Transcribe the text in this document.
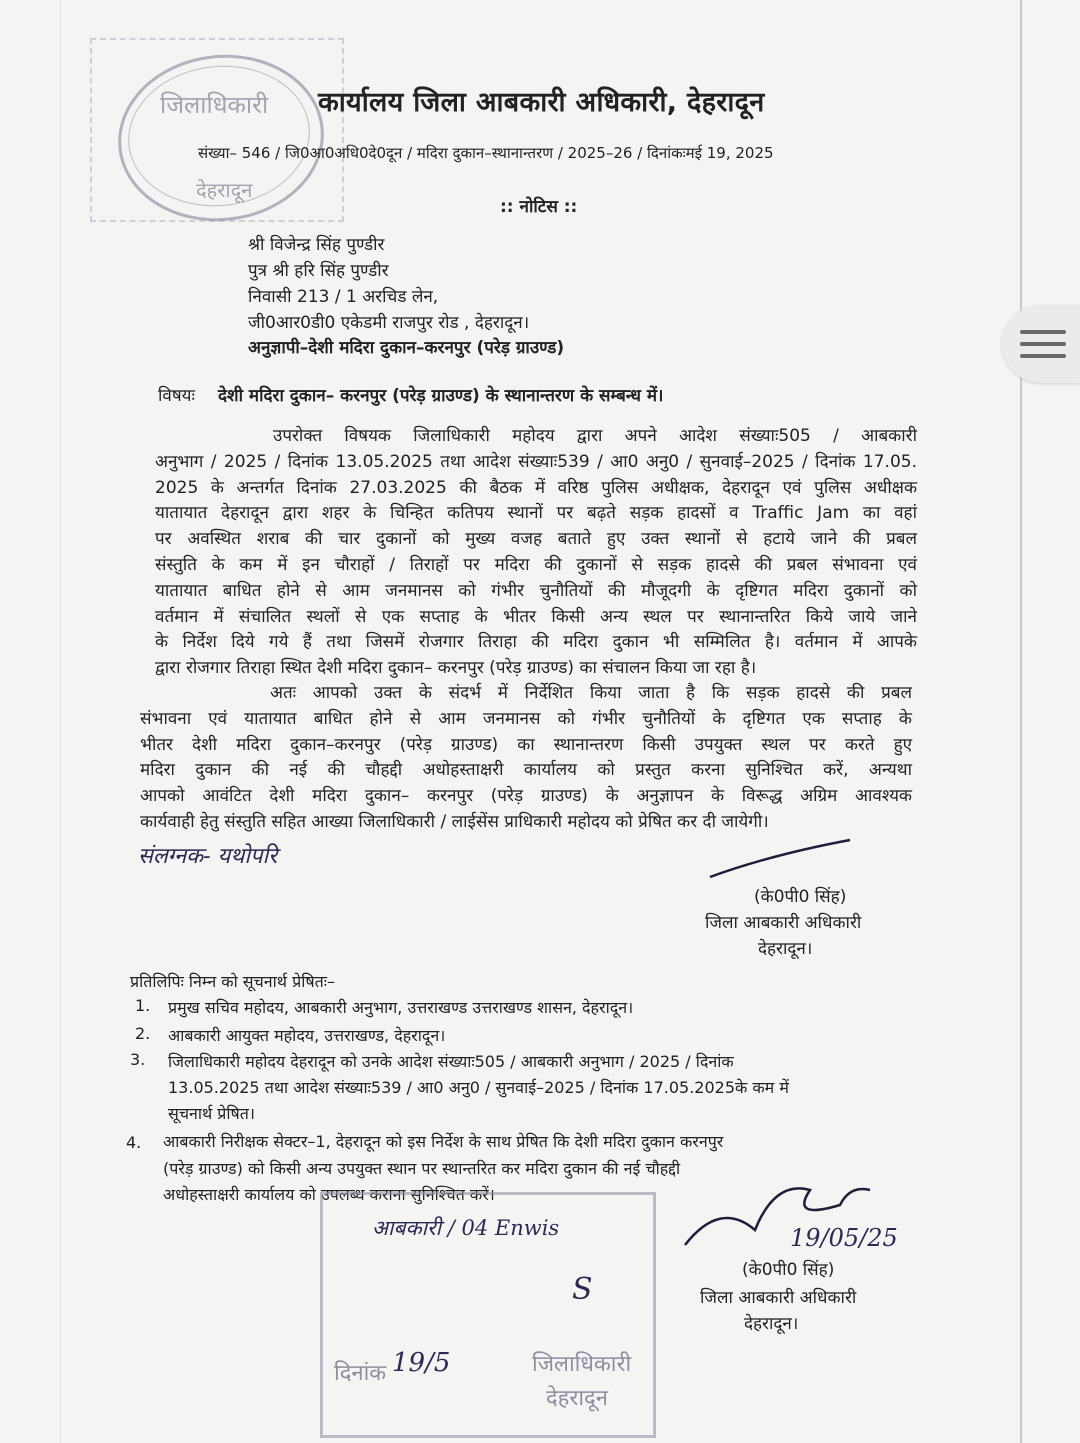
जिलाधिकारी
देहरादून
कार्यालय जिला आबकारी अधिकारी, देहरादून
संख्या– 546 / जि0आ0अधि0दे0दून / मदिरा दुकान–स्थानान्तरण / 2025–26 / दिनांकःमई 19, 2025
:: नोटिस ::
श्री विजेन्द्र सिंह पुण्डीर
पुत्र श्री हरि सिंह पुण्डीर
निवासी 213 / 1 अरचिड लेन,
जी0आर0डी0 एकेडमी राजपुर रोड , देहरादून।
अनुज्ञापी–देशी मदिरा दुकान–करनपुर (परेड़ ग्राउण्ड)
विषयः देशी मदिरा दुकान– करनपुर (परेड़ ग्राउण्ड) के स्थानान्तरण के सम्बन्ध में।
उपरोक्त विषयक जिलाधिकारी महोदय द्वारा अपने आदेश संख्याः505 / आबकारी
अनुभाग / 2025 / दिनांक 13.05.2025 तथा आदेश संख्याः539 / आ0 अनु0 / सुनवाई–2025 / दिनांक 17.05.
2025 के अन्तर्गत दिनांक 27.03.2025 की बैठक में वरिष्ठ पुलिस अधीक्षक, देहरादून एवं पुलिस अधीक्षक
यातायात देहरादून द्वारा शहर के चिन्हित कतिपय स्थानों पर बढ़ते सड़क हादसों व Traffic Jam का वहां
पर अवस्थित शराब की चार दुकानों को मुख्य वजह बताते हुए उक्त स्थानों से हटाये जाने की प्रबल
संस्तुति के कम में इन चौराहों / तिराहों पर मदिरा की दुकानों से सड़क हादसे की प्रबल संभावना एवं
यातायात बाधित होने से आम जनमानस को गंभीर चुनौतियों की मौजूदगी के दृष्टिगत मदिरा दुकानों को
वर्तमान में संचालित स्थलों से एक सप्ताह के भीतर किसी अन्य स्थल पर स्थानान्तरित किये जाये जाने
के निर्देश दिये गये हैं तथा जिसमें रोजगार तिराहा की मदिरा दुकान भी सम्मिलित है। वर्तमान में आपके
द्वारा रोजगार तिराहा स्थित देशी मदिरा दुकान– करनपुर (परेड़ ग्राउण्ड) का संचालन किया जा रहा है।
अतः आपको उक्त के संदर्भ में निर्देशित किया जाता है कि सड़क हादसे की प्रबल
संभावना एवं यातायात बाधित होने से आम जनमानस को गंभीर चुनौतियों के दृष्टिगत एक सप्ताह के
भीतर देशी मदिरा दुकान–करनपुर (परेड़ ग्राउण्ड) का स्थानान्तरण किसी उपयुक्त स्थल पर करते हुए
मदिरा दुकान की नई की चौहद्दी अधोहस्ताक्षरी कार्यालय को प्रस्तुत करना सुनिश्चित करें, अन्यथा
आपको आवंटित देशी मदिरा दुकान– करनपुर (परेड़ ग्राउण्ड) के अनुज्ञापन के विरूद्ध अग्रिम आवश्यक
कार्यवाही हेतु संस्तुति सहित आख्या जिलाधिकारी / लाईसेंस प्राधिकारी महोदय को प्रेषित कर दी जायेगी।
संलग्नक- यथोपरि
(के0पी0 सिंह)
जिला आबकारी अधिकारी
देहरादून।
प्रतिलिपिः निम्न को सूचनार्थ प्रेषितः–
1. प्रमुख सचिव महोदय, आबकारी अनुभाग, उत्तराखण्ड उत्तराखण्ड शासन, देहरादून।
2. आबकारी आयुक्त महोदय, उत्तराखण्ड, देहरादून।
3. जिलाधिकारी महोदय देहरादून को उनके आदेश संख्याः505 / आबकारी अनुभाग / 2025 / दिनांक
13.05.2025 तथा आदेश संख्याः539 / आ0 अनु0 / सुनवाई–2025 / दिनांक 17.05.2025के कम में
सूचनार्थ प्रेषित।
4. आबकारी निरीक्षक सेक्टर–1, देहरादून को इस निर्देश के साथ प्रेषित कि देशी मदिरा दुकान करनपुर
(परेड़ ग्राउण्ड) को किसी अन्य उपयुक्त स्थान पर स्थान्तरित कर मदिरा दुकान की नई चौहद्दी
अधोहस्ताक्षरी कार्यालय को उपलब्ध कराना सुनिश्चित करें।
आबकारी / 04 Enwis
S
दिनांक 19/5	जिलाधिकारी
देहरादून
19/05/25
(के0पी0 सिंह)
जिला आबकारी अधिकारी
देहरादून।
